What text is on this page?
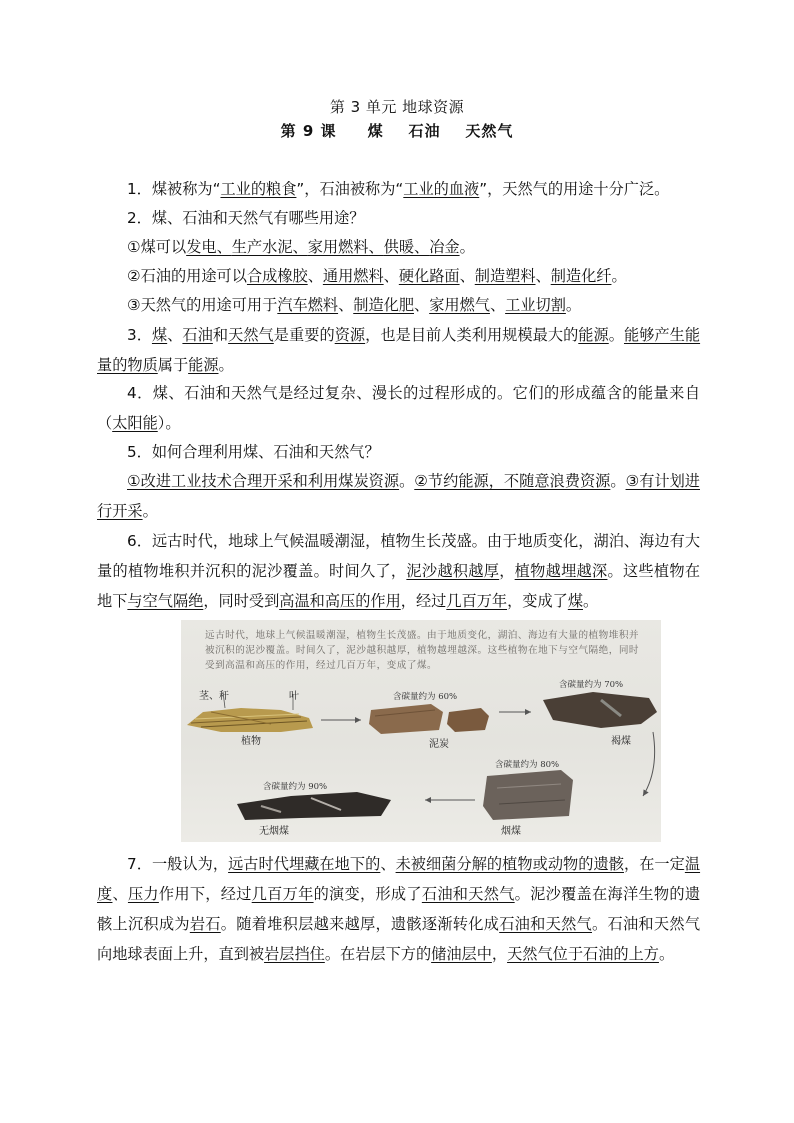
第 3 单元 地球资源
第 9 课     煤    石油    天然气
1．煤被称为“工业的粮食”，石油被称为“工业的血液”，天然气的用途十分广泛。
2．煤、石油和天然气有哪些用途？
①煤可以发电、生产水泥、家用燃料、供暖、冶金。
②石油的用途可以合成橡胶、通用燃料、硬化路面、制造塑料、制造化纤。
③天然气的用途可用于汽车燃料、制造化肥、家用燃气、工业切割。
3．煤、石油和天然气是重要的资源，也是目前人类利用规模最大的能源。能够产生能量的物质属于能源。
4．煤、石油和天然气是经过复杂、漫长的过程形成的。它们的形成蕴含的能量来自（太阳能）。
5．如何合理利用煤、石油和天然气？
①改进工业技术合理开采和利用煤炭资源。②节约能源，不随意浪费资源。③有计划进行开采。
6．远古时代，地球上气候温暖潮湿，植物生长茂盛。由于地质变化，湖泊、海边有大量的植物堆积并沉积的泥沙覆盖。时间久了，泥沙越积越厚，植物越埋越深。这些植物在地下与空气隔绝，同时受到高温和高压的作用，经过几百万年，变成了煤。
远古时代，地球上气候温暖潮湿，植物生长茂盛。由于地质变化，湖泊、海边有大量的植物堆积并被沉积的泥沙覆盖。时间久了，泥沙越积越厚，植物越埋越深。这些植物在地下与空气隔绝，同时受到高温和高压的作用，经过几百万年，变成了煤。
茎、秆	叶
植物
含碳量约为 60%
泥炭
含碳量约为 70%
褐煤
含碳量约为 80%
烟煤
含碳量约为 90%
无烟煤
7．一般认为，远古时代埋藏在地下的、未被细菌分解的植物或动物的遗骸，在一定温度、压力作用下，经过几百万年的演变，形成了石油和天然气。泥沙覆盖在海洋生物的遗骸上沉积成为岩石。随着堆积层越来越厚，遗骸逐渐转化成石油和天然气。石油和天然气向地球表面上升，直到被岩层挡住。在岩层下方的储油层中，天然气位于石油的上方。
